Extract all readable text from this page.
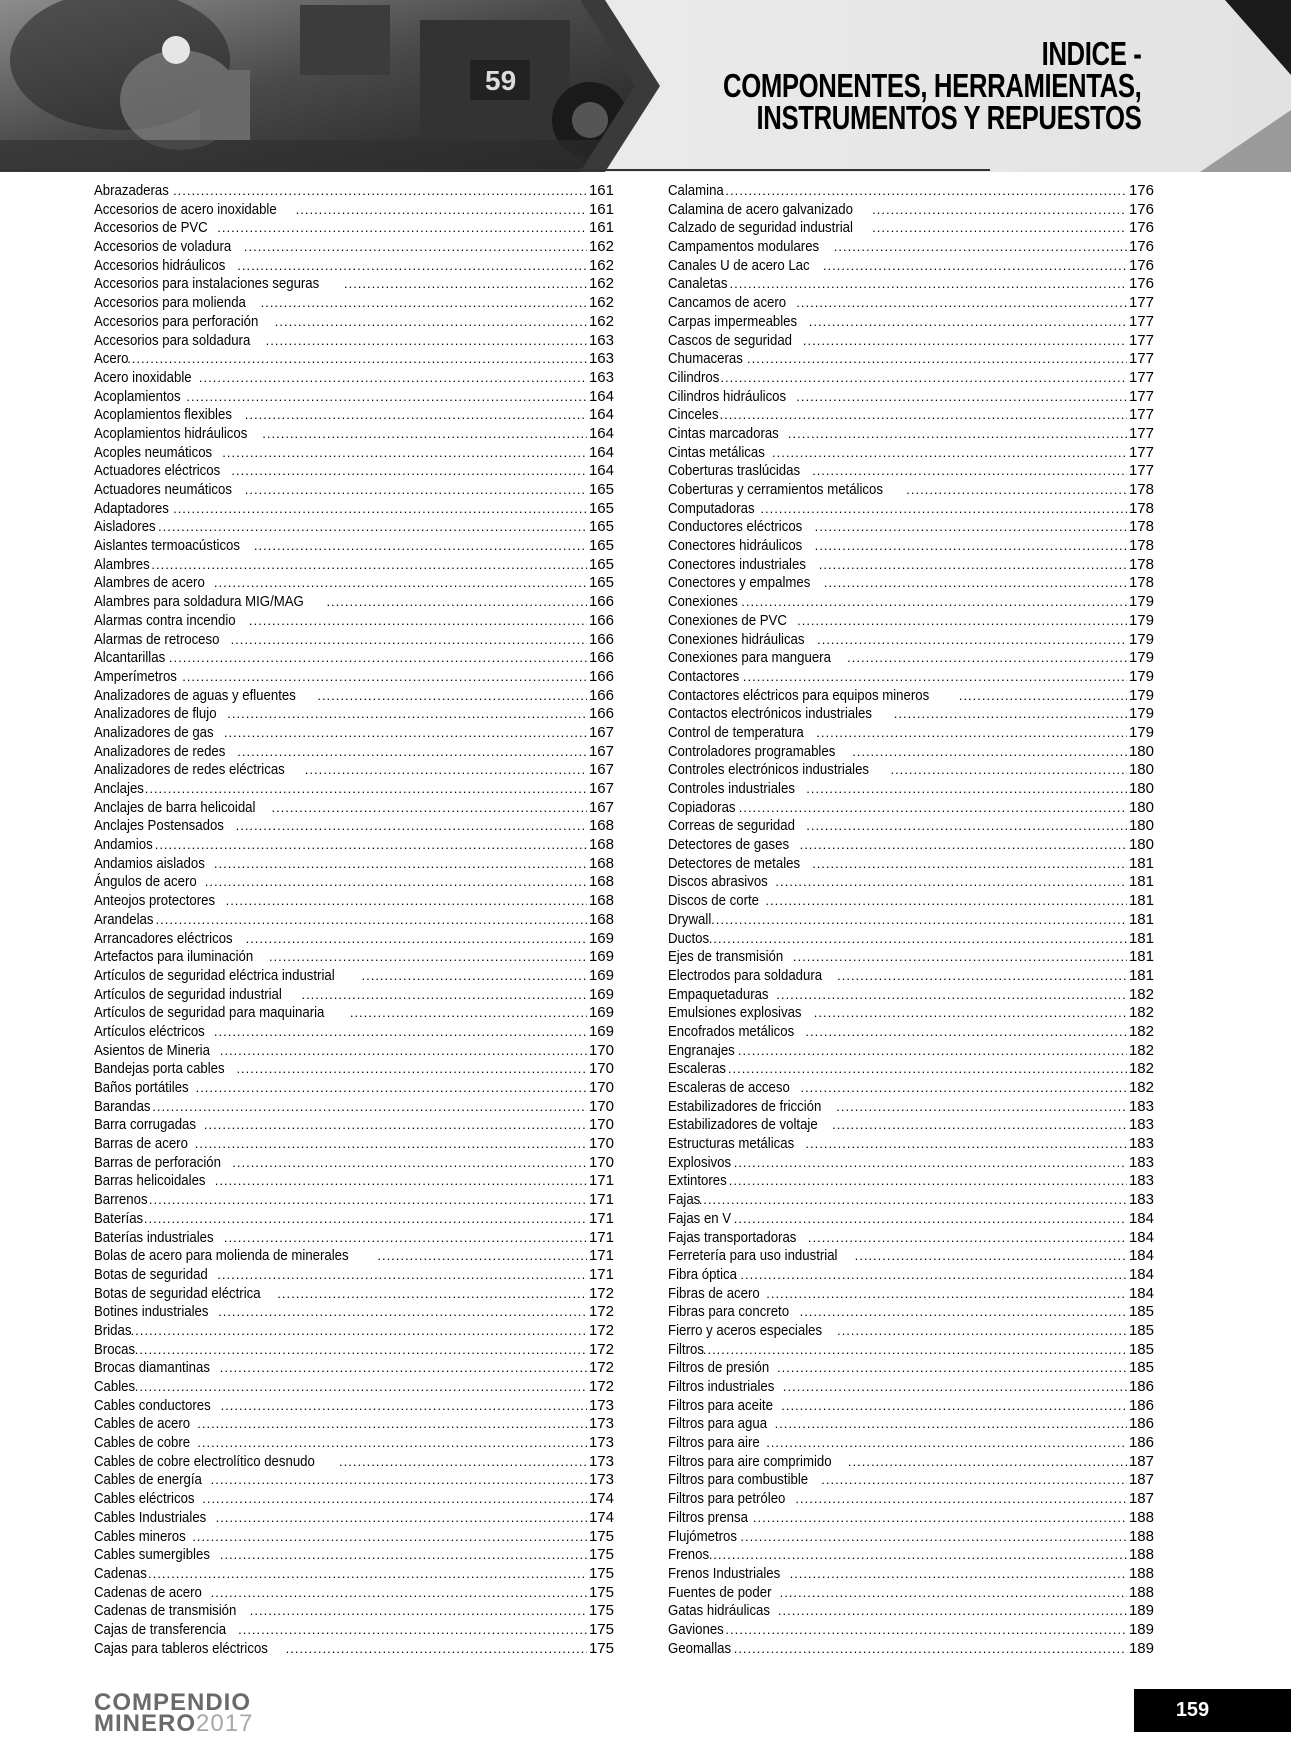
59
INDICE -
COMPONENTES, HERRAMIENTAS,
INSTRUMENTOS Y REPUESTOS
Abrazaderas .....	161
Accesorios de acero inoxidable .....	161
Accesorios de PVC .....	161
Accesorios de voladura .....	162
Accesorios hidráulicos .....	162
Accesorios para instalaciones seguras .....	162
Accesorios para molienda .....	162
Accesorios para perforación .....	162
Accesorios para soldadura .....	163
Acero .....	163
Acero inoxidable .....	163
Acoplamientos .....	164
Acoplamientos flexibles .....	164
Acoplamientos hidráulicos .....	164
Acoples neumáticos .....	164
Actuadores eléctricos .....	164
Actuadores neumáticos .....	165
Adaptadores .....	165
Aisladores .....	165
Aislantes termoacústicos .....	165
Alambres .....	165
Alambres de acero .....	165
Alambres para soldadura MIG/MAG .....	166
Alarmas contra incendio .....	166
Alarmas de retroceso .....	166
Alcantarillas .....	166
Amperímetros .....	166
Analizadores de aguas y efluentes .....	166
Analizadores de flujo .....	166
Analizadores de gas .....	167
Analizadores de redes .....	167
Analizadores de redes eléctricas .....	167
Anclajes .....	167
Anclajes de barra helicoidal .....	167
Anclajes Postensados .....	168
Andamios .....	168
Andamios aislados .....	168
Ángulos de acero .....	168
Anteojos protectores .....	168
Arandelas .....	168
Arrancadores eléctricos .....	169
Artefactos para iluminación .....	169
Artículos de seguridad eléctrica industrial .....	169
Artículos de seguridad industrial .....	169
Artículos de seguridad para maquinaria .....	169
Artículos eléctricos .....	169
Asientos de Mineria .....	170
Bandejas porta cables .....	170
Baños portátiles .....	170
Barandas .....	170
Barra corrugadas .....	170
Barras de acero .....	170
Barras de perforación .....	170
Barras helicoidales .....	171
Barrenos .....	171
Baterías .....	171
Baterías industriales .....	171
Bolas de acero para molienda de minerales .....	171
Botas de seguridad .....	171
Botas de seguridad eléctrica .....	172
Botines industriales .....	172
Bridas .....	172
Brocas .....	172
Brocas diamantinas .....	172
Cables .....	172
Cables conductores .....	173
Cables de acero .....	173
Cables de cobre .....	173
Cables de cobre electrolítico desnudo .....	173
Cables de energía .....	173
Cables eléctricos .....	174
Cables Industriales .....	174
Cables mineros .....	175
Cables sumergibles .....	175
Cadenas .....	175
Cadenas de acero .....	175
Cadenas de transmisión .....	175
Cajas de transferencia .....	175
Cajas para tableros eléctricos .....	175
Calamina .....	176
Calamina de acero galvanizado .....	176
Calzado de seguridad industrial .....	176
Campamentos modulares .....	176
Canales U de acero Lac .....	176
Canaletas .....	176
Cancamos de acero .....	177
Carpas impermeables .....	177
Cascos de seguridad .....	177
Chumaceras .....	177
Cilindros .....	177
Cilindros hidráulicos .....	177
Cinceles .....	177
Cintas marcadoras .....	177
Cintas metálicas .....	177
Coberturas traslúcidas .....	177
Coberturas y cerramientos metálicos .....	178
Computadoras .....	178
Conductores eléctricos .....	178
Conectores hidráulicos .....	178
Conectores industriales .....	178
Conectores y empalmes .....	178
Conexiones .....	179
Conexiones de PVC .....	179
Conexiones hidráulicas .....	179
Conexiones para manguera .....	179
Contactores .....	179
Contactores eléctricos para equipos mineros .....	179
Contactos electrónicos industriales .....	179
Control de temperatura .....	179
Controladores programables .....	180
Controles electrónicos industriales .....	180
Controles industriales .....	180
Copiadoras .....	180
Correas de seguridad .....	180
Detectores de gases .....	180
Detectores de metales .....	181
Discos abrasivos .....	181
Discos de corte .....	181
Drywall .....	181
Ductos .....	181
Ejes de transmisión .....	181
Electrodos para soldadura .....	181
Empaquetaduras .....	182
Emulsiones explosivas .....	182
Encofrados metálicos .....	182
Engranajes .....	182
Escaleras .....	182
Escaleras de acceso .....	182
Estabilizadores de fricción .....	183
Estabilizadores de voltaje .....	183
Estructuras metálicas .....	183
Explosivos .....	183
Extintores .....	183
Fajas .....	183
Fajas en V .....	184
Fajas transportadoras .....	184
Ferretería para uso industrial .....	184
Fibra óptica .....	184
Fibras de acero .....	184
Fibras para concreto .....	185
Fierro y aceros especiales .....	185
Filtros .....	185
Filtros de presión .....	185
Filtros industriales .....	186
Filtros para aceite .....	186
Filtros para agua .....	186
Filtros para aire .....	186
Filtros para aire comprimido .....	187
Filtros para combustible .....	187
Filtros para petróleo .....	187
Filtros prensa .....	188
Flujómetros .....	188
Frenos .....	188
Frenos Industriales .....	188
Fuentes de poder .....	188
Gatas hidráulicas .....	189
Gaviones .....	189
Geomallas .....	189
COMPENDIO
MINERO2017	159
